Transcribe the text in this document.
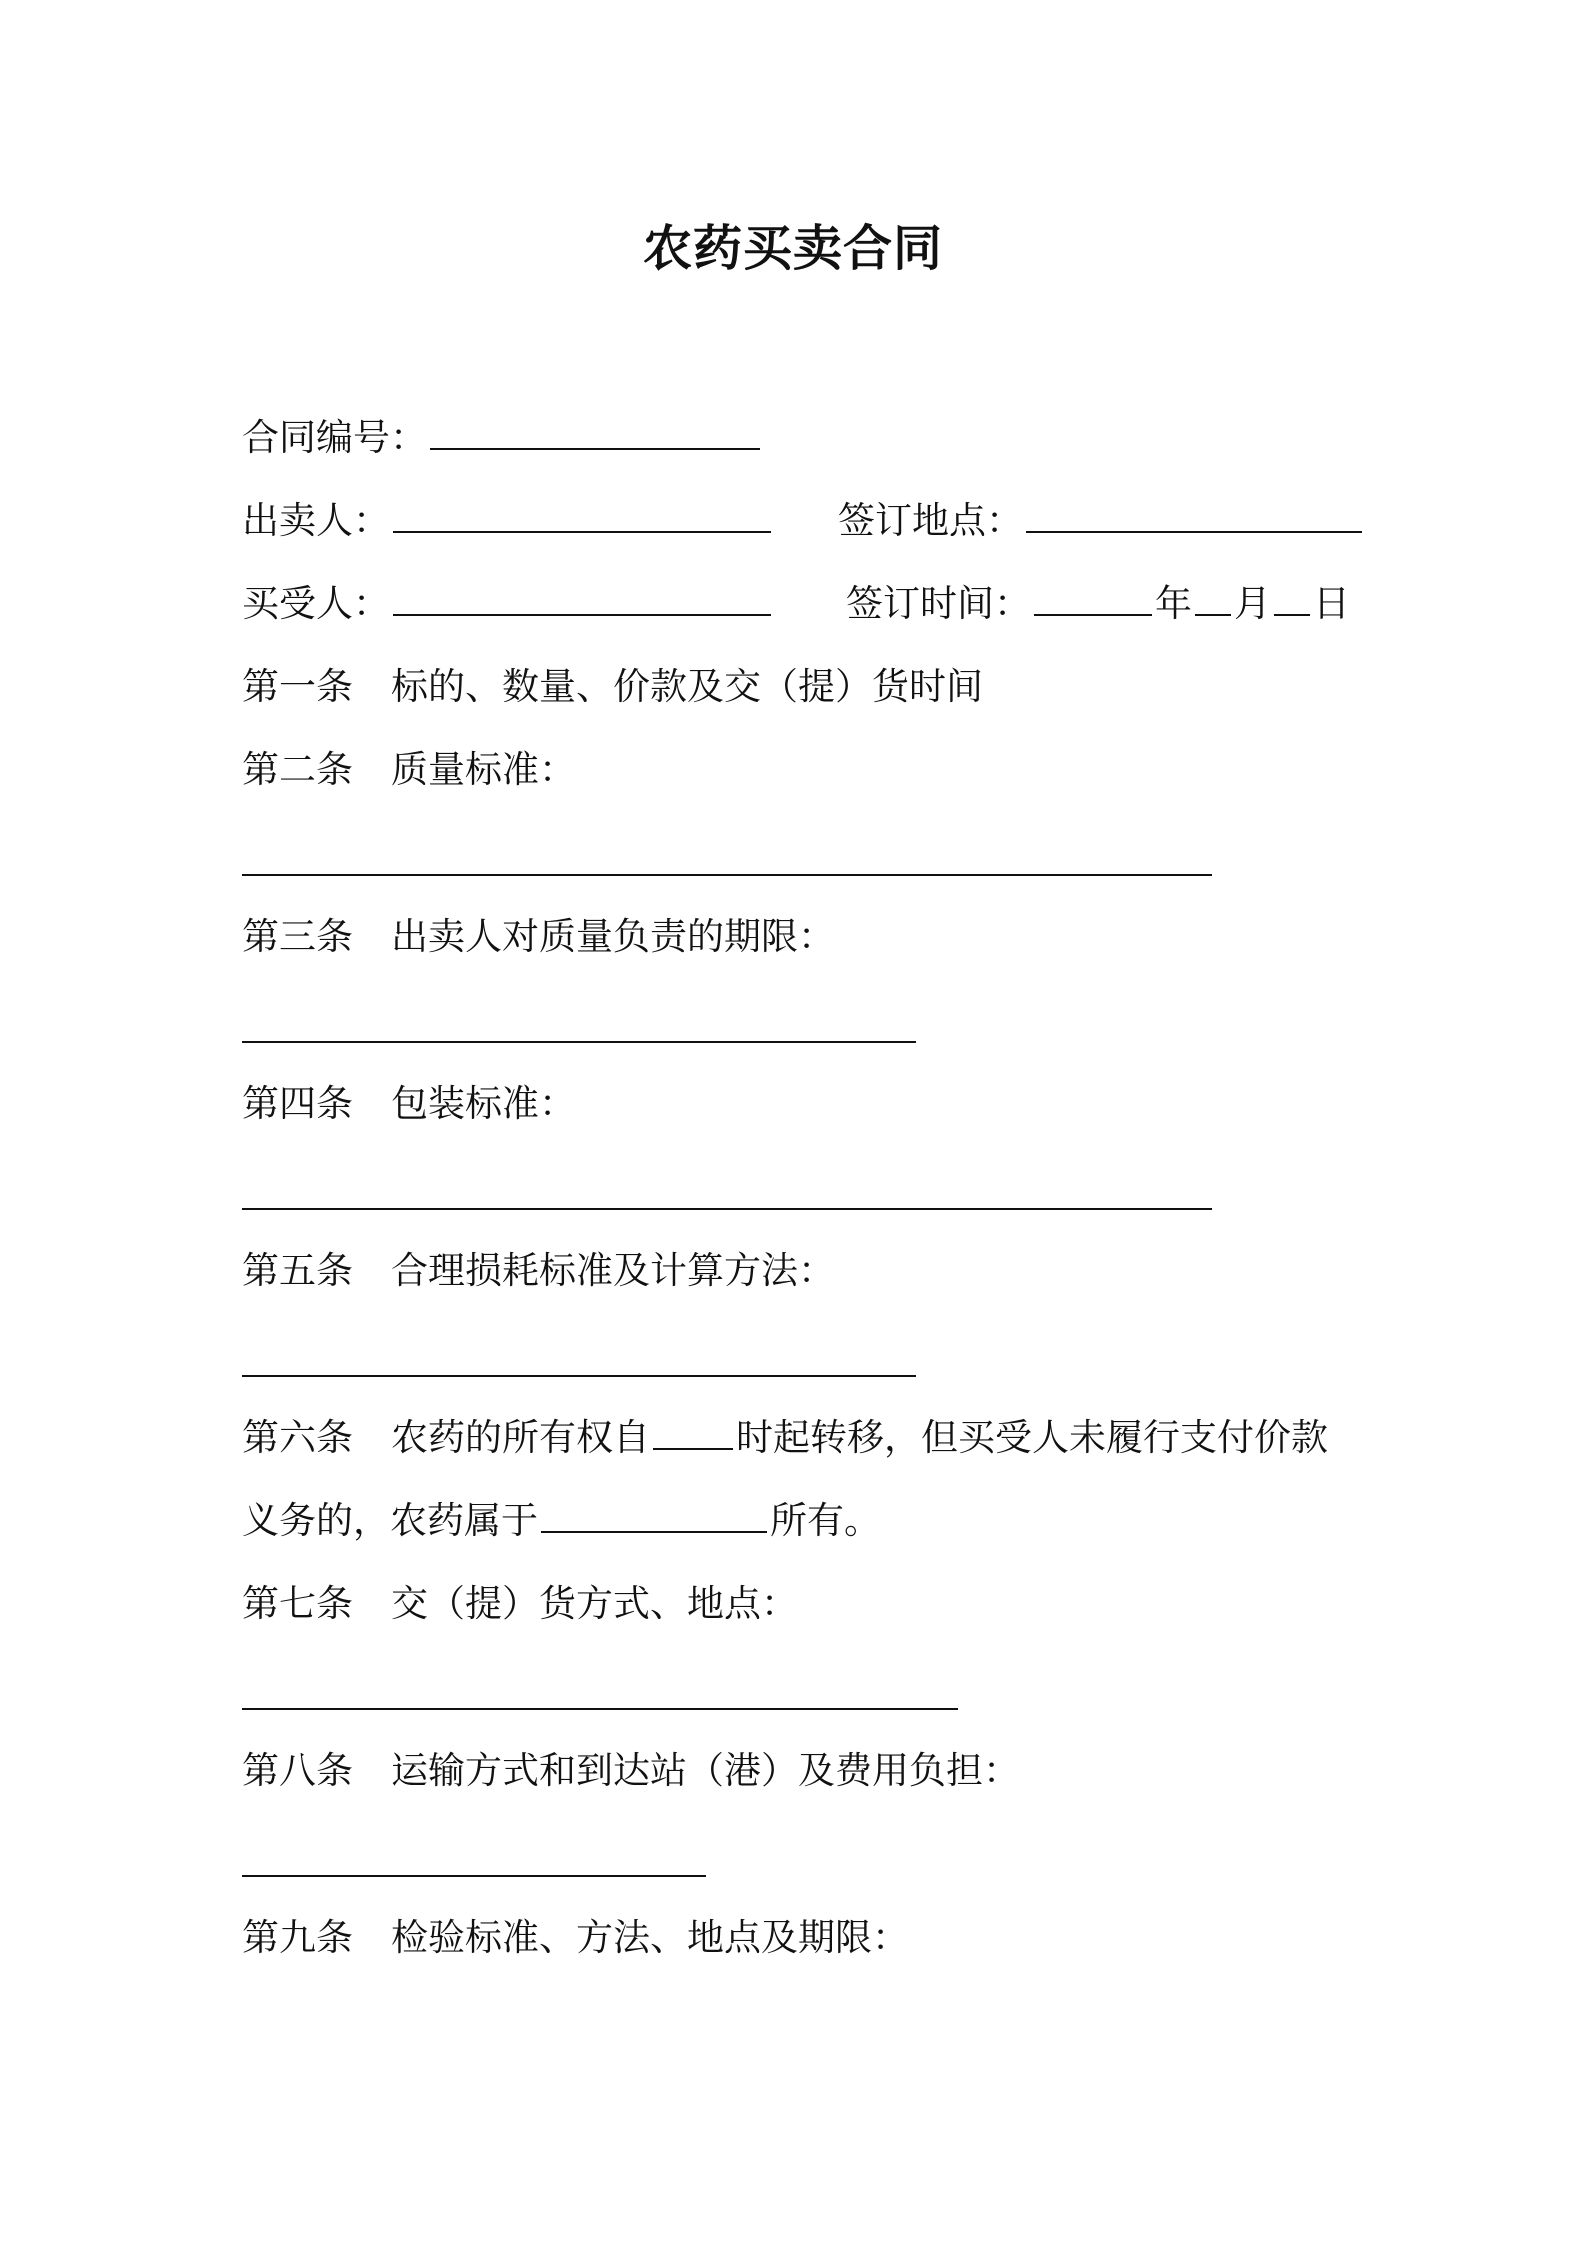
农药买卖合同
合同编号：
出卖人：	签订地点：
买受人：	签订时间：	年 月 日
第一条 标的、数量、价款及交（提）货时间
第二条 质量标准：
第三条 出卖人对质量负责的期限：
第四条 包装标准：
第五条 合理损耗标准及计算方法：
第六条 农药的所有权自 时起转移，但买受人未履行支付价款
义务的，农药属于	所有。
第七条 交（提）货方式、地点：
第八条 运输方式和到达站（港）及费用负担：
第九条 检验标准、方法、地点及期限：
